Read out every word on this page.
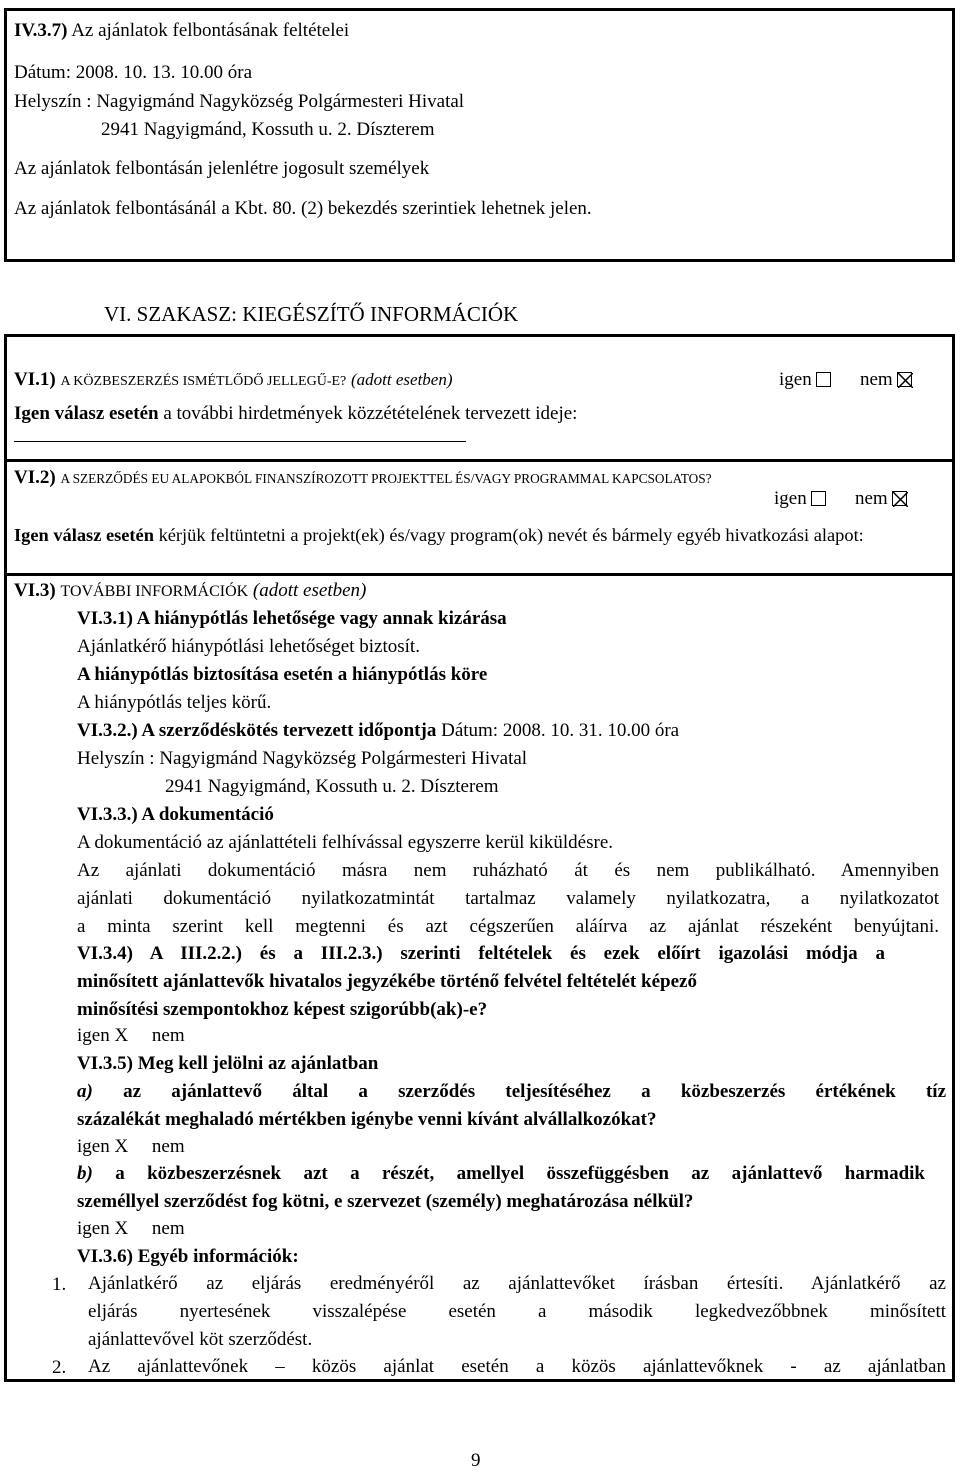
IV.3.7) Az ajánlatok felbontásának feltételei
Dátum: 2008. 10. 13. 10.00 óra
Helyszín : Nagyigmánd Nagyközség Polgármesteri Hivatal
2941 Nagyigmánd, Kossuth u. 2. Díszterem
Az ajánlatok felbontásán jelenlétre jogosult személyek
Az ajánlatok felbontásánál a Kbt. 80. (2) bekezdés szerintiek lehetnek jelen.
VI. SZAKASZ: KIEGÉSZÍTŐ INFORMÁCIÓK
VI.1) A KÖZBESZERZÉS ISMÉTLŐDŐ JELLEGŰ-E? (adott esetben)	igen	nem
Igen válasz esetén a további hirdetmények közzétételének tervezett ideje:
VI.2) A SZERZŐDÉS EU ALAPOKBÓL FINANSZÍROZOTT PROJEKTTEL ÉS/VAGY PROGRAMMAL KAPCSOLATOS?
igen	nem
Igen válasz esetén kérjük feltüntetni a projekt(ek) és/vagy program(ok) nevét és bármely egyéb hivatkozási alapot:
VI.3) TOVÁBBI INFORMÁCIÓK (adott esetben)
VI.3.1) A hiánypótlás lehetősége vagy annak kizárása
Ajánlatkérő hiánypótlási lehetőséget biztosít.
A hiánypótlás biztosítása esetén a hiánypótlás köre
A hiánypótlás teljes körű.
VI.3.2.) A szerződéskötés tervezett időpontja Dátum: 2008. 10. 31. 10.00 óra
Helyszín : Nagyigmánd Nagyközség Polgármesteri Hivatal
2941 Nagyigmánd, Kossuth u. 2. Díszterem
VI.3.3.) A dokumentáció
A dokumentáció az ajánlattételi felhívással egyszerre kerül kiküldésre.
Az ajánlati dokumentáció másra nem ruházható át és nem publikálható. Amennyiben
ajánlati dokumentáció nyilatkozatmintát tartalmaz valamely nyilatkozatra, a nyilatkozatot
a minta szerint kell megtenni és azt cégszerűen aláírva az ajánlat részeként benyújtani.
VI.3.4) A III.2.2.) és a III.2.3.) szerinti feltételek és ezek előírt igazolási módja a
minősített ajánlattevők hivatalos jegyzékébe történő felvétel feltételét képező
minősítési szempontokhoz képest szigorúbb(ak)-e?
igen X     nem
VI.3.5) Meg kell jelölni az ajánlatban
a) az ajánlattevő által a szerződés teljesítéséhez a közbeszerzés értékének tíz
százalékát meghaladó mértékben igénybe venni kívánt alvállalkozókat?
igen X     nem
b) a közbeszerzésnek azt a részét, amellyel összefüggésben az ajánlattevő harmadik
személlyel szerződést fog kötni, e szervezet (személy) meghatározása nélkül?
igen X     nem
VI.3.6) Egyéb információk:
1. Ajánlatkérő az eljárás eredményéről az ajánlattevőket írásban értesíti. Ajánlatkérő az
eljárás nyertesének visszalépése esetén a második legkedvezőbbnek minősített
ajánlattevővel köt szerződést.
2. Az ajánlattevőnek – közös ajánlat esetén a közös ajánlattevőknek - az ajánlatban
9
